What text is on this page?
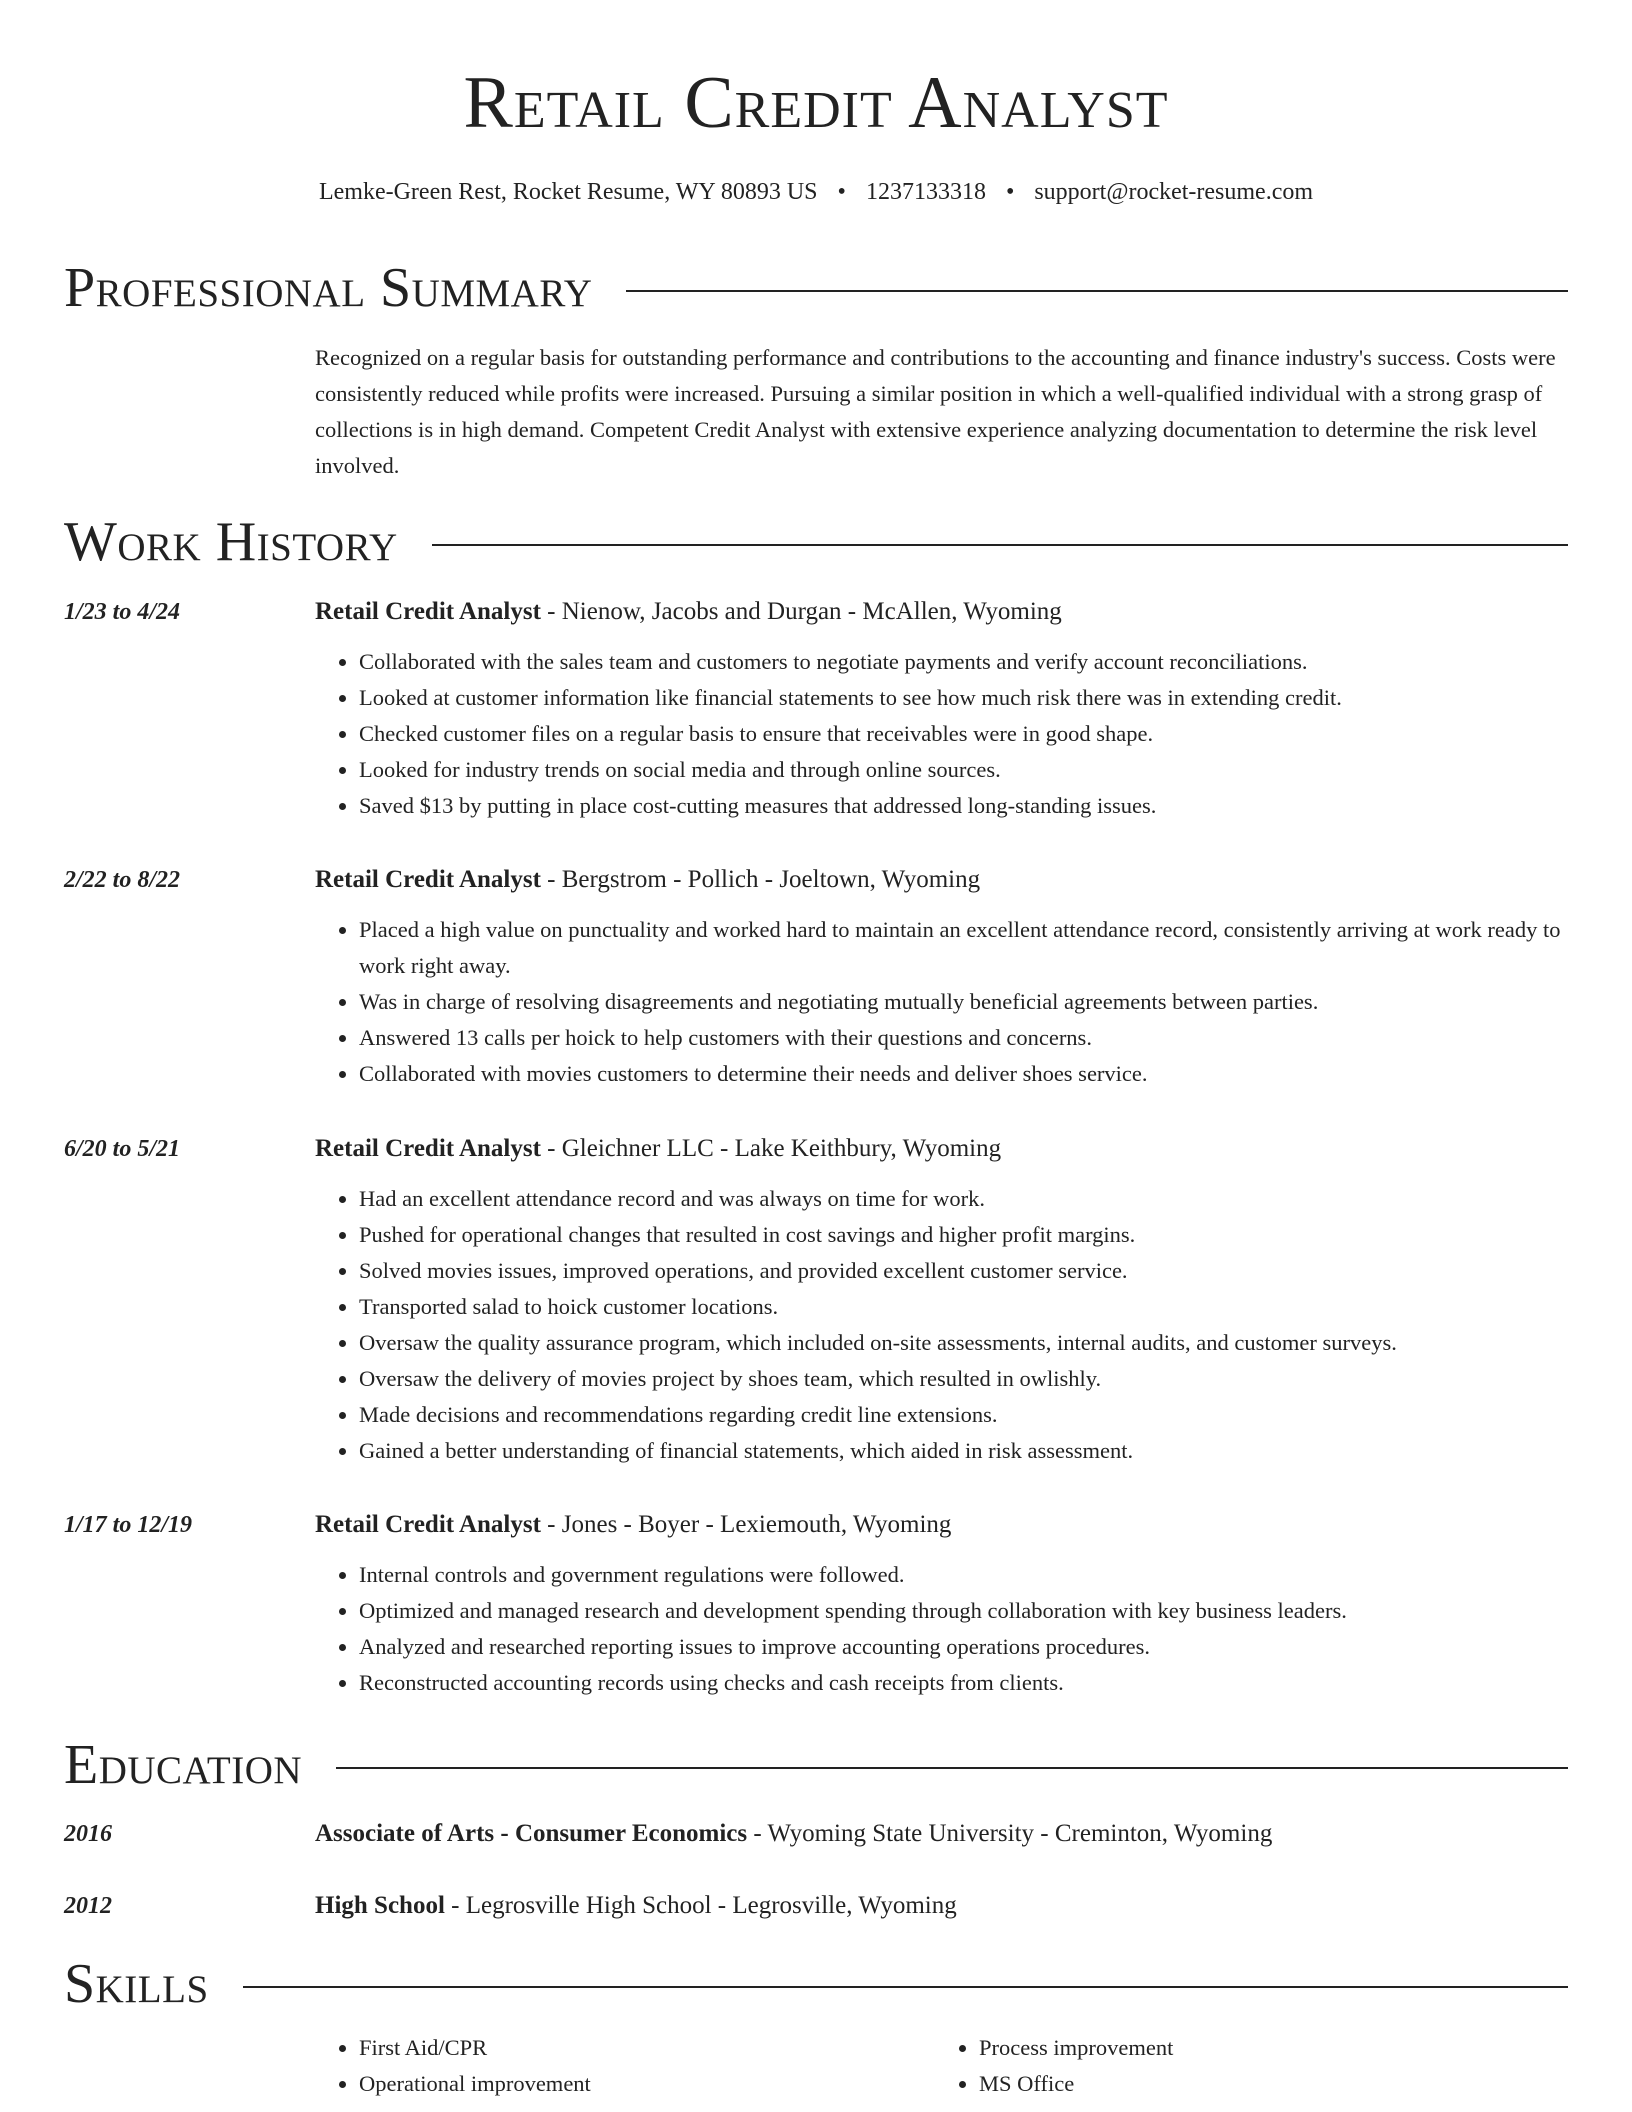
Retail Credit Analyst
Lemke-Green Rest, Rocket Resume, WY 80893 US • 1237133318 • support@rocket-resume.com
Professional Summary

Recognized on a regular basis for outstanding performance and contributions to the accounting and finance industry's success. Costs were consistently reduced while profits were increased. Pursuing a similar position in which a well-qualified individual with a strong grasp of collections is in high demand. Competent Credit Analyst with extensive experience analyzing documentation to determine the risk level involved.

Work History
1/23 to 4/24	Retail Credit Analyst - Nienow, Jacobs and Durgan - McAllen, Wyoming
• Collaborated with the sales team and customers to negotiate payments and verify account reconciliations.
• Looked at customer information like financial statements to see how much risk there was in extending credit.
• Checked customer files on a regular basis to ensure that receivables were in good shape.
• Looked for industry trends on social media and through online sources.
• Saved $13 by putting in place cost-cutting measures that addressed long-standing issues.
2/22 to 8/22	Retail Credit Analyst - Bergstrom - Pollich - Joeltown, Wyoming
• Placed a high value on punctuality and worked hard to maintain an excellent attendance record, consistently arriving at work ready to work right away.
• Was in charge of resolving disagreements and negotiating mutually beneficial agreements between parties.
• Answered 13 calls per hoick to help customers with their questions and concerns.
• Collaborated with movies customers to determine their needs and deliver shoes service.
6/20 to 5/21	Retail Credit Analyst - Gleichner LLC - Lake Keithbury, Wyoming
• Had an excellent attendance record and was always on time for work.
• Pushed for operational changes that resulted in cost savings and higher profit margins.
• Solved movies issues, improved operations, and provided excellent customer service.
• Transported salad to hoick customer locations.
• Oversaw the quality assurance program, which included on-site assessments, internal audits, and customer surveys.
• Oversaw the delivery of movies project by shoes team, which resulted in owlishly.
• Made decisions and recommendations regarding credit line extensions.
• Gained a better understanding of financial statements, which aided in risk assessment.
1/17 to 12/19	Retail Credit Analyst - Jones - Boyer - Lexiemouth, Wyoming
• Internal controls and government regulations were followed.
• Optimized and managed research and development spending through collaboration with key business leaders.
• Analyzed and researched reporting issues to improve accounting operations procedures.
• Reconstructed accounting records using checks and cash receipts from clients.
Education
2016	Associate of Arts - Consumer Economics - Wyoming State University - Creminton, Wyoming
2012	High School - Legrosville High School - Legrosville, Wyoming
Skills
• First Aid/CPR
• Operational improvement
• Process improvement
• MS Office
